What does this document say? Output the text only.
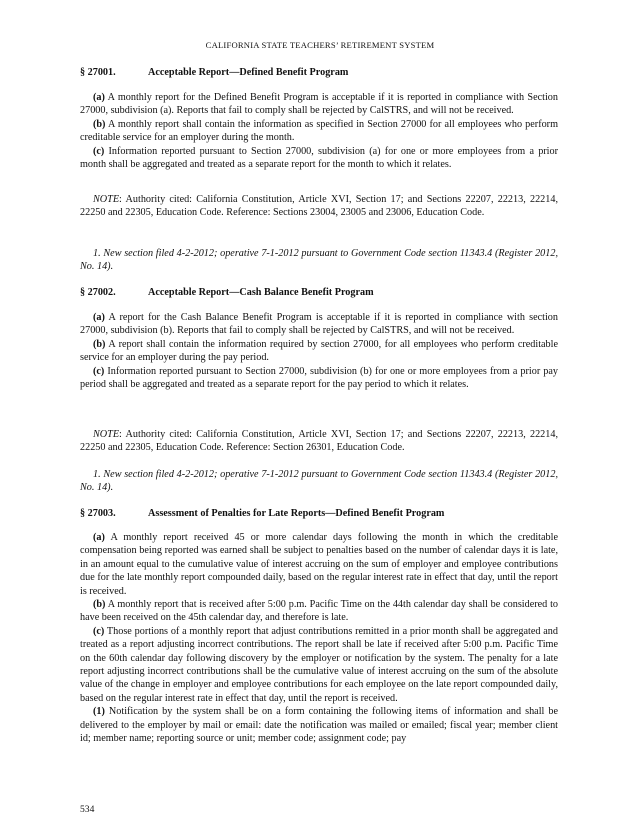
CALIFORNIA STATE TEACHERS’ RETIREMENT SYSTEM
§ 27001.	Acceptable Report—Defined Benefit Program

(a) A monthly report for the Defined Benefit Program is acceptable if it is reported in compliance with Section 27000, subdivision (a). Reports that fail to comply shall be rejected by CalSTRS, and will not be received.

(b) A monthly report shall contain the information as specified in Section 27000 for all employees who perform creditable service for an employer during the month.

(c) Information reported pursuant to Section 27000, subdivision (a) for one or more employees from a prior month shall be aggregated and treated as a separate report for the month to which it relates.

NOTE: Authority cited: California Constitution, Article XVI, Section 17; and Sections 22207, 22213, 22214, 22250 and 22305, Education Code. Reference: Sections 23004, 23005 and 23006, Education Code.

1. New section filed 4-2-2012; operative 7-1-2012 pursuant to Government Code section 11343.4 (Register 2012, No. 14).

§ 27002.	Acceptable Report—Cash Balance Benefit Program

(a) A report for the Cash Balance Benefit Program is acceptable if it is reported in compliance with section 27000, subdivision (b). Reports that fail to comply shall be rejected by CalSTRS, and will not be received.

(b) A report shall contain the information required by section 27000, for all employees who perform creditable service for an employer during the pay period.

(c) Information reported pursuant to Section 27000, subdivision (b) for one or more employees from a prior pay period shall be aggregated and treated as a separate report for the pay period to which it relates.

NOTE: Authority cited: California Constitution, Article XVI, Section 17; and Sections 22207, 22213, 22214, 22250 and 22305, Education Code. Reference: Section 26301, Education Code.

1. New section filed 4-2-2012; operative 7-1-2012 pursuant to Government Code section 11343.4 (Register 2012, No. 14).

§ 27003.	Assessment of Penalties for Late Reports—Defined Benefit Program

(a) A monthly report received 45 or more calendar days following the month in which the creditable compensation being reported was earned shall be subject to penalties based on the number of calendar days it is late, in an amount equal to the cumulative value of interest accruing on the sum of employer and employee contributions due for the late monthly report compounded daily, based on the regular interest rate in effect that day, until the report is received.

(b) A monthly report that is received after 5:00 p.m. Pacific Time on the 44th calendar day shall be considered to have been received on the 45th calendar day, and therefore is late.

(c) Those portions of a monthly report that adjust contributions remitted in a prior month shall be aggregated and treated as a report adjusting incorrect contributions. The report shall be late if received after 5:00 p.m. Pacific Time on the 60th calendar day following discovery by the employer or notification by the system. The penalty for a late report adjusting incorrect contributions shall be the cumulative value of interest accruing on the sum of the absolute value of the change in employer and employee contributions for each employee on the late report compounded daily, based on the regular interest rate in effect that day, until the report is received.

(1) Notification by the system shall be on a form containing the following items of information and shall be delivered to the employer by mail or email: date the notification was mailed or emailed; fiscal year; member client id; member name; reporting source or unit; member code; assignment code; pay

534
